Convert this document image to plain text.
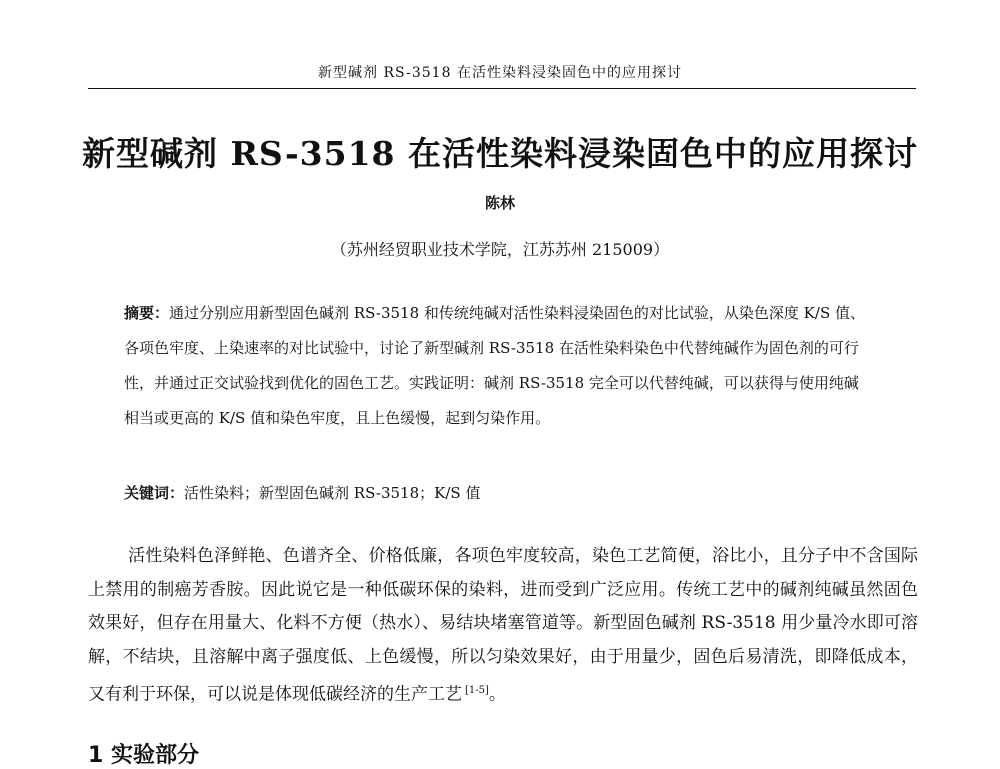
新型碱剂 RS-3518 在活性染料浸染固色中的应用探讨
新型碱剂 RS-3518 在活性染料浸染固色中的应用探讨
陈林
（苏州经贸职业技术学院，江苏苏州 215009）
摘要：通过分别应用新型固色碱剂 RS-3518 和传统纯碱对活性染料浸染固色的对比试验，从染色深度 K/S 值、各项色牢度、上染速率的对比试验中，讨论了新型碱剂 RS-3518 在活性染料染色中代替纯碱作为固色剂的可行性，并通过正交试验找到优化的固色工艺。实践证明：碱剂 RS-3518 完全可以代替纯碱，可以获得与使用纯碱相当或更高的 K/S 值和染色牢度，且上色缓慢，起到匀染作用。
关键词：活性染料；新型固色碱剂 RS-3518；K/S 值
活性染料色泽鲜艳、色谱齐全、价格低廉，各项色牢度较高，染色工艺简便，浴比小，且分子中不含国际上禁用的制癌芳香胺。因此说它是一种低碳环保的染料，进而受到广泛应用。传统工艺中的碱剂纯碱虽然固色效果好，但存在用量大、化料不方便（热水）、易结块堵塞管道等。新型固色碱剂 RS-3518 用少量冷水即可溶解，不结块，且溶解中离子强度低、上色缓慢，所以匀染效果好，由于用量少，固色后易清洗，即降低成本，又有利于环保，可以说是体现低碳经济的生产工艺 [1-5]。
1 实验部分
